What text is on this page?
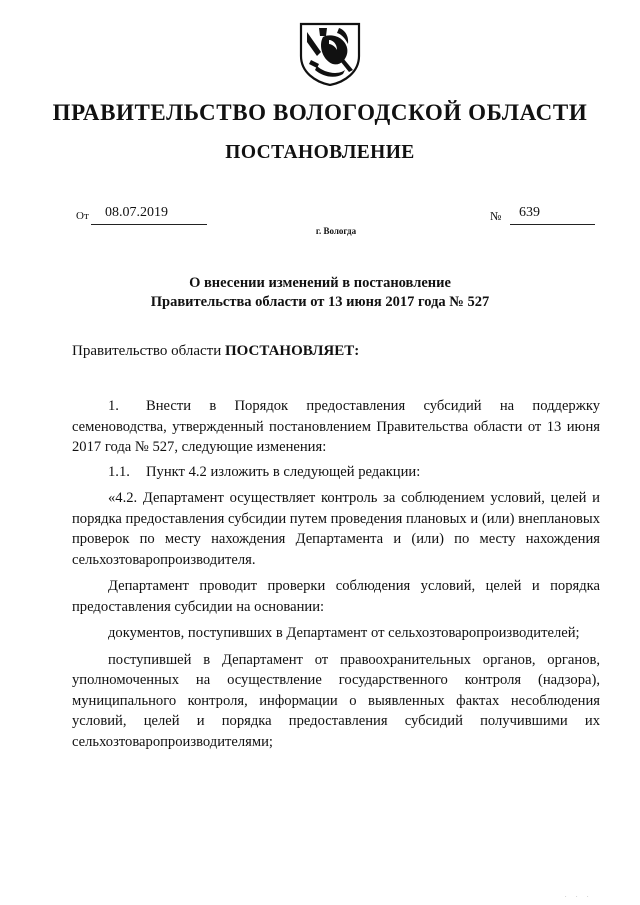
ПРАВИТЕЛЬСТВО ВОЛОГОДСКОЙ ОБЛАСТИ
ПОСТАНОВЛЕНИЕ
От	08.07.2019	№	639
г. Вологда
О внесении изменений в постановление
Правительства области от 13 июня 2017 года № 527
Правительство области ПОСТАНОВЛЯЕТ:

1. Внести в Порядок предоставления субсидий на поддержку семеноводства, утвержденный постановлением Правительства области от 13 июня 2017 года № 527, следующие изменения:

1.1. Пункт 4.2 изложить в следующей редакции:

«4.2. Департамент осуществляет контроль за соблюдением условий, целей и порядка предоставления субсидии путем проведения плановых и (или) внеплановых проверок по месту нахождения Департамента и (или) по месту нахождения сельхозтоваропроизводителя.

Департамент проводит проверки соблюдения условий, целей и порядка предоставления субсидии на основании:

документов, поступивших в Департамент от сельхозтоваропроизводителей;

поступившей в Департамент от правоохранительных органов, органов, уполномоченных на осуществление государственного контроля (надзора), муниципального контроля, информации о выявленных фактах несоблюдения условий, целей и порядка предоставления субсидий получившими их сельхозтоваропроизводителями;

. . .
